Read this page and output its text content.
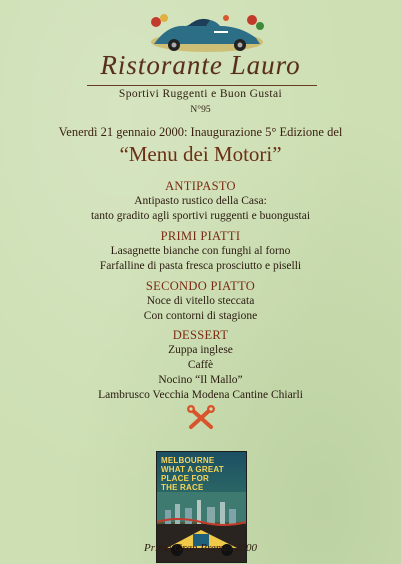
Ristorante Lauro
Sportivi Ruggenti e Buon Gustai
N°95
Venerdì 21 gennaio 2000: Inaugurazione 5° Edizione del
“Menu dei Motori”
ANTIPASTO
Antipasto rustico della Casa:
tanto gradito agli sportivi ruggenti e buongustai
PRIMI PIATTI
Lasagnette bianche con funghi al forno
Farfalline di pasta fresca prosciutto e piselli
SECONDO PIATTO
Noce di vitello steccata
Con contorni di stagione
DESSERT
Zuppa inglese
Caffè
Nocino “Il Mallo”
Lambrusco Vecchia Modena Cantine Chiarli
MELBOURNE
WHAT A GREAT
PLACE FOR
THE RACE
Primo Gran Premio 2000
